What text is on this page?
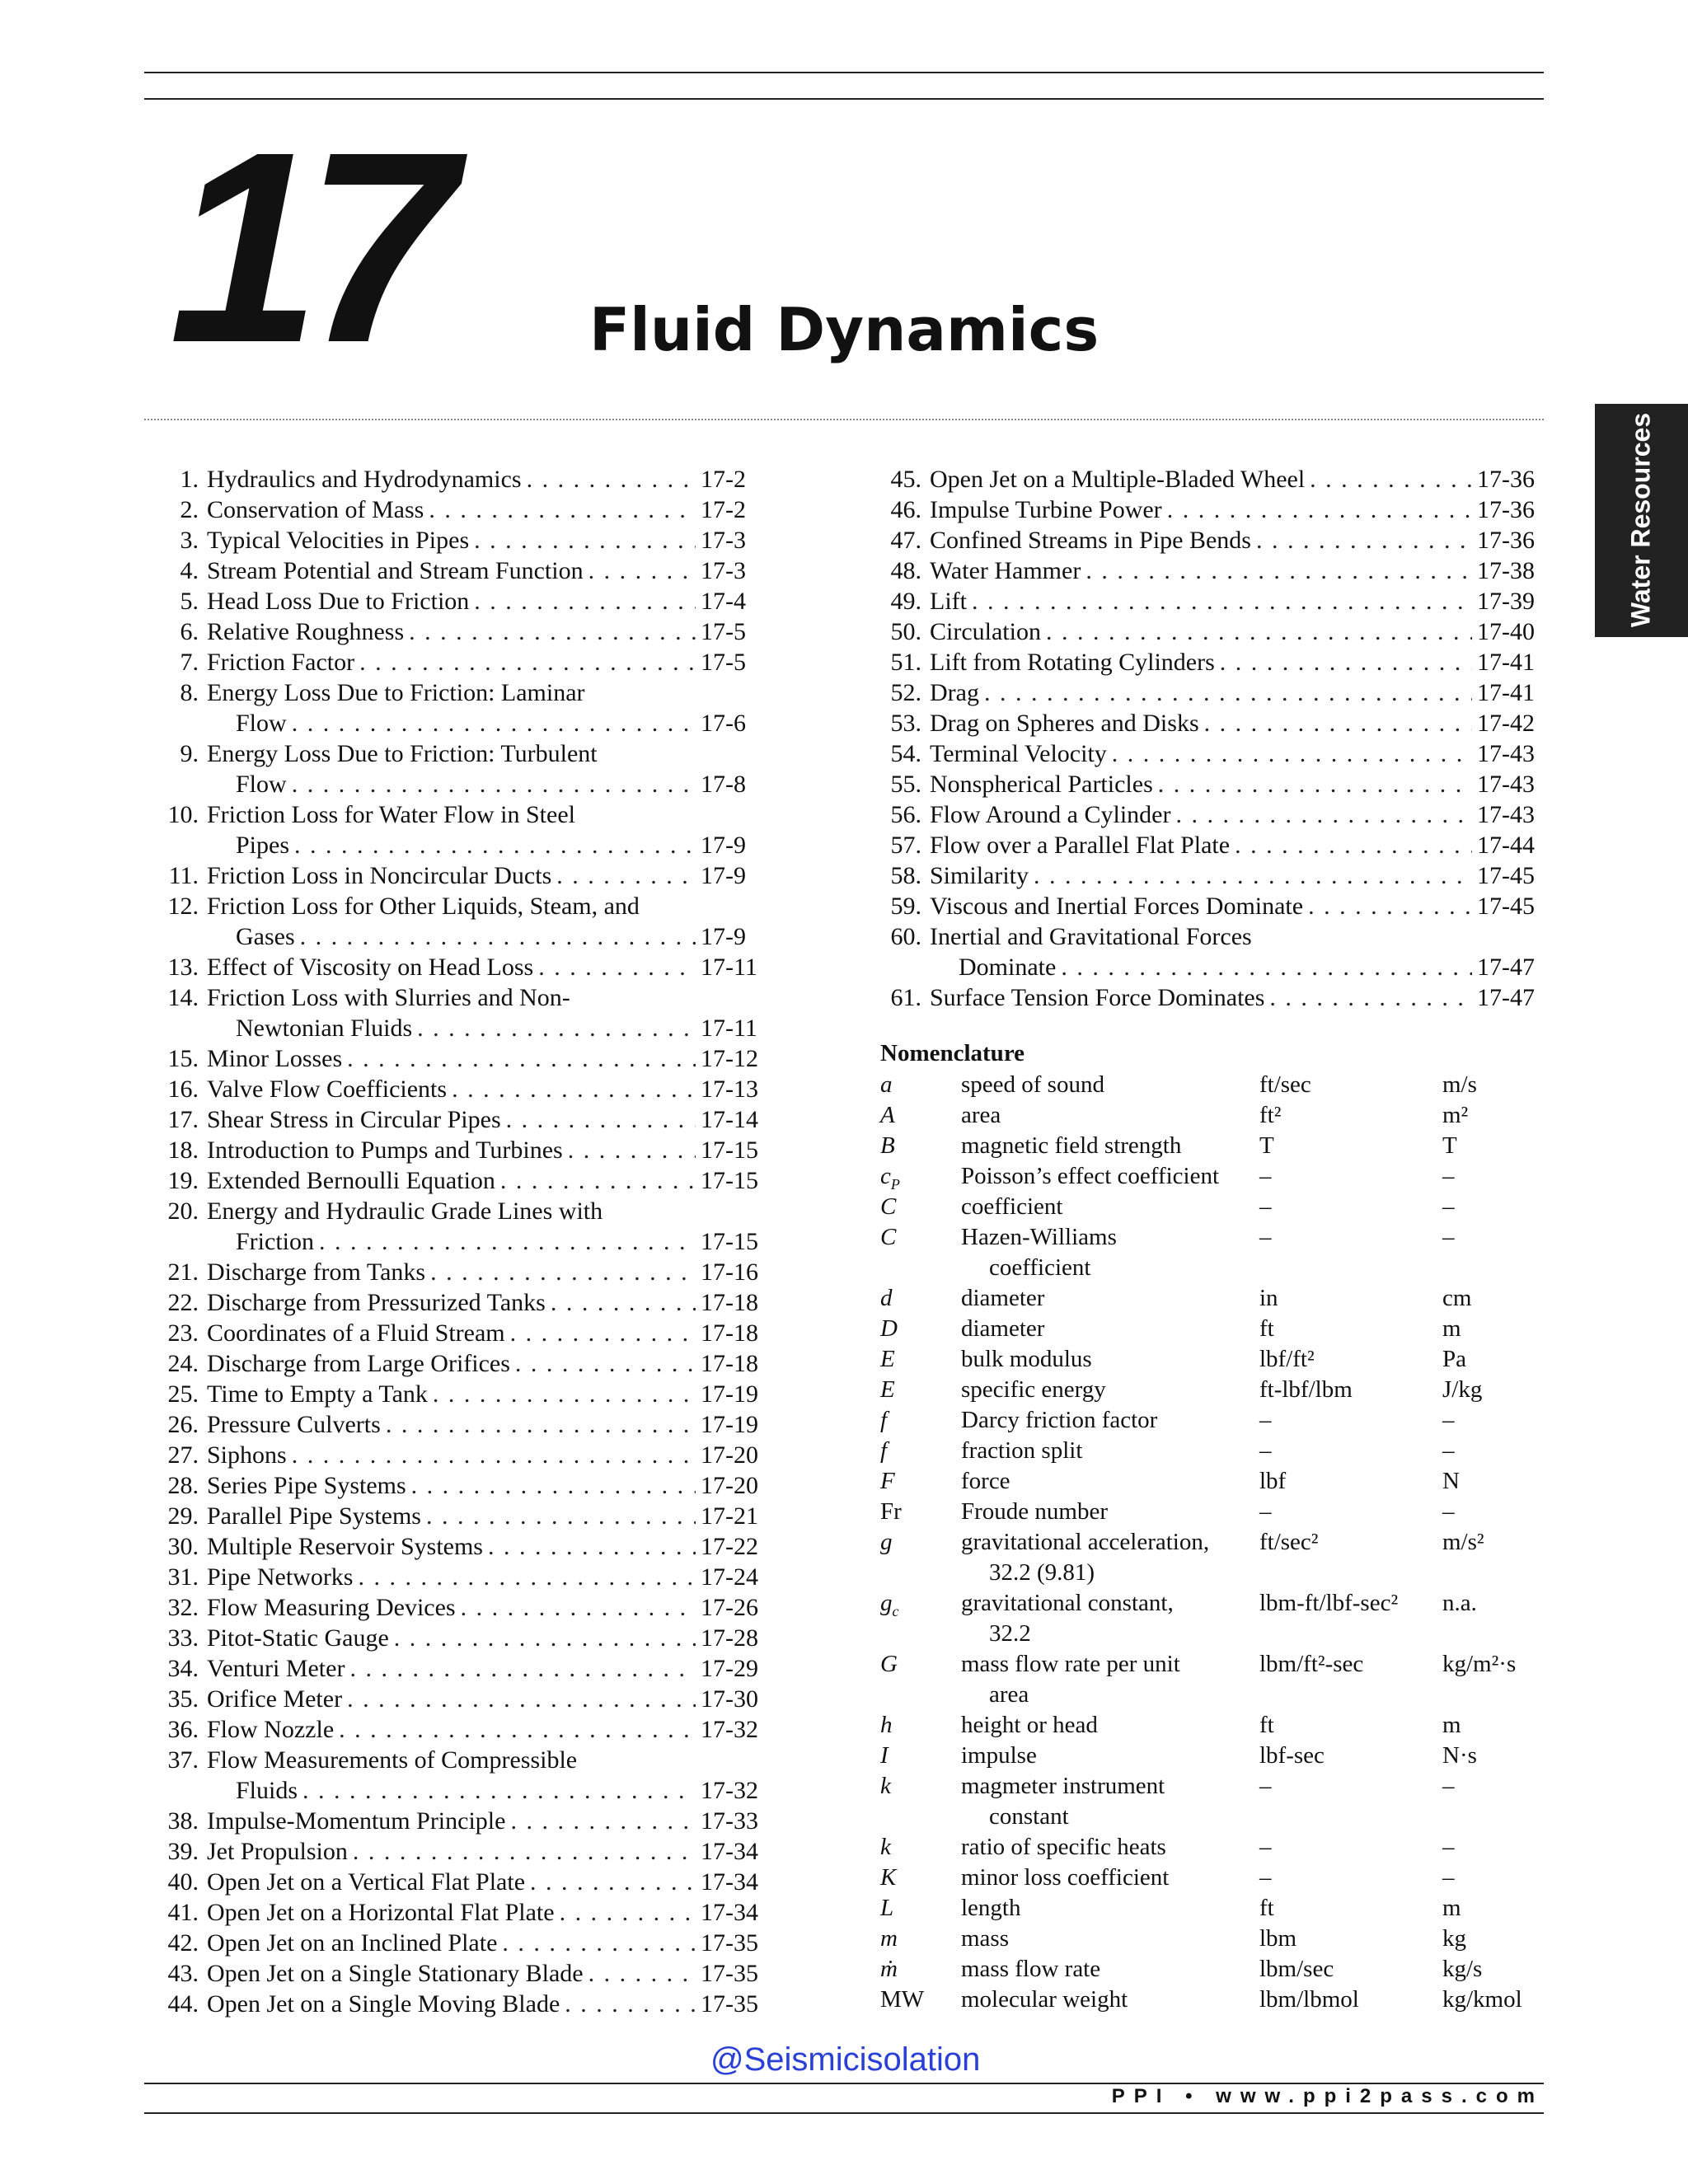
17 Fluid Dynamics
Water Resources
1. Hydraulics and Hydrodynamics . . .	17-2
2. Conservation of Mass . . .	17-2
3. Typical Velocities in Pipes . . .	17-3
4. Stream Potential and Stream Function . . .	17-3
5. Head Loss Due to Friction . . .	17-4
6. Relative Roughness . . .	17-5
7. Friction Factor . . .	17-5
8. Energy Loss Due to Friction: Laminar
Flow . . .	17-6
9. Energy Loss Due to Friction: Turbulent
Flow . . .	17-8
10. Friction Loss for Water Flow in Steel
Pipes . . .	17-9
11. Friction Loss in Noncircular Ducts . . .	17-9
12. Friction Loss for Other Liquids, Steam, and
Gases . . .	17-9
13. Effect of Viscosity on Head Loss . . .	17-11
14. Friction Loss with Slurries and Non-
Newtonian Fluids . . .	17-11
15. Minor Losses . . .	17-12
16. Valve Flow Coefficients . . .	17-13
17. Shear Stress in Circular Pipes . . .	17-14
18. Introduction to Pumps and Turbines . . .	17-15
19. Extended Bernoulli Equation . . .	17-15
20. Energy and Hydraulic Grade Lines with
Friction . . .	17-15
21. Discharge from Tanks . . .	17-16
22. Discharge from Pressurized Tanks . . .	17-18
23. Coordinates of a Fluid Stream . . .	17-18
24. Discharge from Large Orifices . . .	17-18
25. Time to Empty a Tank . . .	17-19
26. Pressure Culverts . . .	17-19
27. Siphons . . .	17-20
28. Series Pipe Systems . . .	17-20
29. Parallel Pipe Systems . . .	17-21
30. Multiple Reservoir Systems . . .	17-22
31. Pipe Networks . . .	17-24
32. Flow Measuring Devices . . .	17-26
33. Pitot-Static Gauge . . .	17-28
34. Venturi Meter . . .	17-29
35. Orifice Meter . . .	17-30
36. Flow Nozzle . . .	17-32
37. Flow Measurements of Compressible
Fluids . . .	17-32
38. Impulse-Momentum Principle . . .	17-33
39. Jet Propulsion . . .	17-34
40. Open Jet on a Vertical Flat Plate . . .	17-34
41. Open Jet on a Horizontal Flat Plate . . .	17-34
42. Open Jet on an Inclined Plate . . .	17-35
43. Open Jet on a Single Stationary Blade . . .	17-35
44. Open Jet on a Single Moving Blade . . .	17-35
45. Open Jet on a Multiple-Bladed Wheel . . .	17-36
46. Impulse Turbine Power . . .	17-36
47. Confined Streams in Pipe Bends . . .	17-36
48. Water Hammer . . .	17-38
49. Lift . . .	17-39
50. Circulation . . .	17-40
51. Lift from Rotating Cylinders . . .	17-41
52. Drag . . .	17-41
53. Drag on Spheres and Disks . . .	17-42
54. Terminal Velocity . . .	17-43
55. Nonspherical Particles . . .	17-43
56. Flow Around a Cylinder . . .	17-43
57. Flow over a Parallel Flat Plate . . .	17-44
58. Similarity . . .	17-45
59. Viscous and Inertial Forces Dominate . . .	17-45
60. Inertial and Gravitational Forces
Dominate . . .	17-47
61. Surface Tension Force Dominates . . .	17-47
Nomenclature
a	speed of sound	ft/sec	m/s
A	area	ft²	m²
B	magnetic field strength	T	T
$c_P$	Poisson’s effect coefficient	–	–
C	coefficient	–	–
C	Hazen-Williams	–	–
coefficient
d	diameter	in	cm
D	diameter	ft	m
E	bulk modulus	lbf/ft²	Pa
E	specific energy	ft-lbf/lbm	J/kg
f	Darcy friction factor	–	–
f	fraction split	–	–
F	force	lbf	N
Fr	Froude number	–	–
g	gravitational acceleration,	ft/sec²	m/s²
32.2 (9.81)
$g_c$	gravitational constant,	lbm-ft/lbf-sec²	n.a.
32.2
G	mass flow rate per unit	lbm/ft²-sec	kg/m²·s
area
h	height or head	ft	m
I	impulse	lbf-sec	N·s
k	magmeter instrument	–	–
constant
k	ratio of specific heats	–	–
K	minor loss coefficient	–	–
L	length	ft	m
m	mass	lbm	kg
ṁ	mass flow rate	lbm/sec	kg/s
MW	molecular weight	lbm/lbmol	kg/kmol
@Seismicisolation
PPI • www.ppi2pass.com
